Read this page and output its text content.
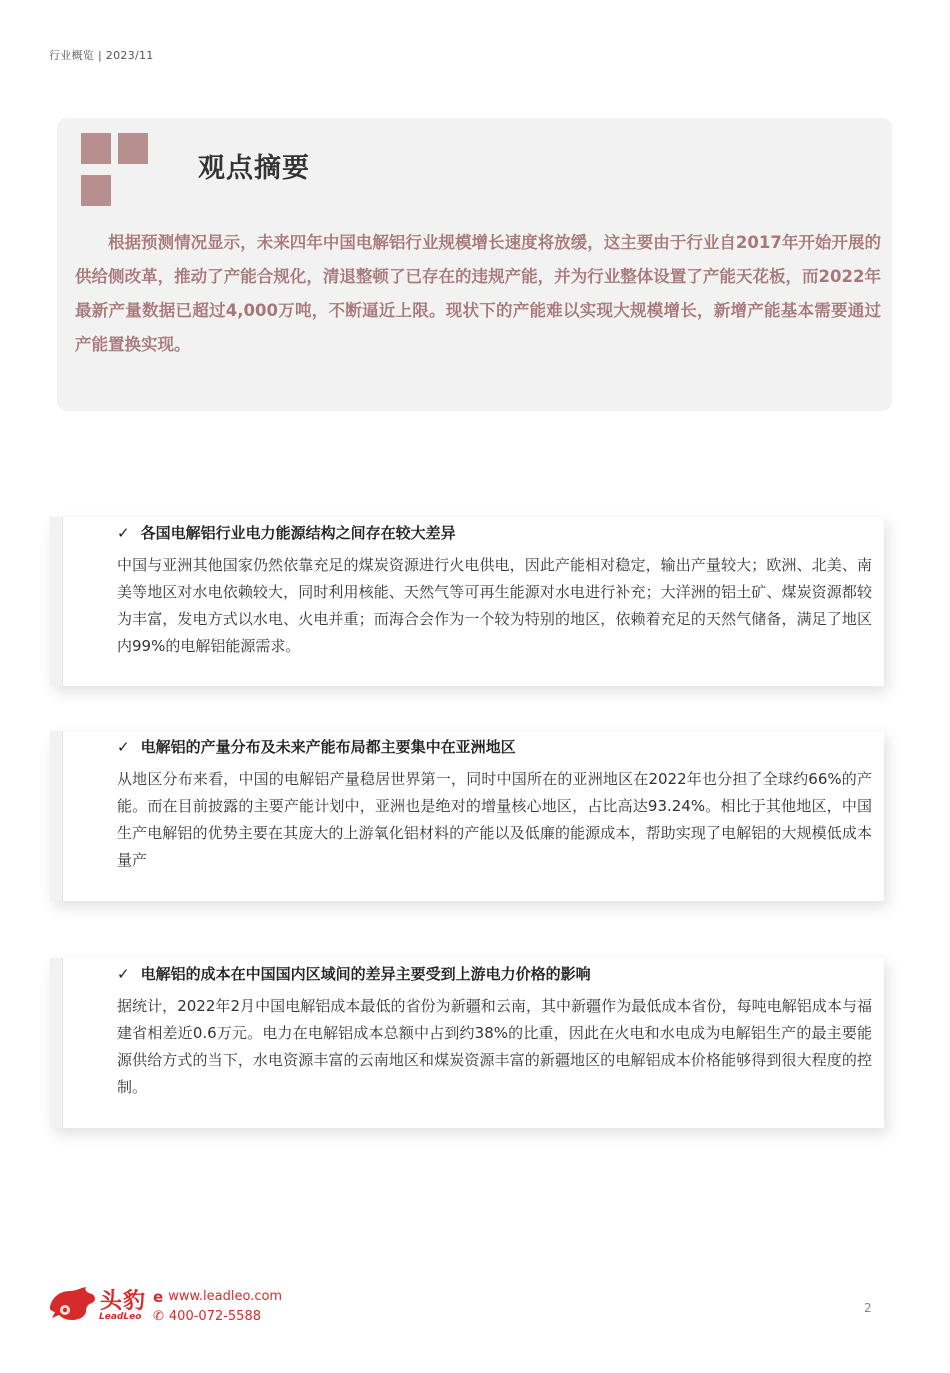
行业概览 | 2023/11
观点摘要
根据预测情况显示，未来四年中国电解铝行业规模增长速度将放缓，这主要由于行业自2017年开始开展的供给侧改革，推动了产能合规化，清退整顿了已存在的违规产能，并为行业整体设置了产能天花板，而2022年最新产量数据已超过4,000万吨，不断逼近上限。现状下的产能难以实现大规模增长，新增产能基本需要通过产能置换实现。
✓ 各国电解铝行业电力能源结构之间存在较大差异
中国与亚洲其他国家仍然依靠充足的煤炭资源进行火电供电，因此产能相对稳定，输出产量较大；欧洲、北美、南美等地区对水电依赖较大，同时利用核能、天然气等可再生能源对水电进行补充；大洋洲的铝土矿、煤炭资源都较为丰富，发电方式以水电、火电并重；而海合会作为一个较为特别的地区，依赖着充足的天然气储备，满足了地区内99%的电解铝能源需求。
✓ 电解铝的产量分布及未来产能布局都主要集中在亚洲地区
从地区分布来看，中国的电解铝产量稳居世界第一，同时中国所在的亚洲地区在2022年也分担了全球约66%的产能。而在目前披露的主要产能计划中，亚洲也是绝对的增量核心地区，占比高达93.24%。相比于其他地区，中国生产电解铝的优势主要在其庞大的上游氧化铝材料的产能以及低廉的能源成本，帮助实现了电解铝的大规模低成本量产
✓ 电解铝的成本在中国国内区域间的差异主要受到上游电力价格的影响
据统计，2022年2月中国电解铝成本最低的省份为新疆和云南，其中新疆作为最低成本省份，每吨电解铝成本与福建省相差近0.6万元。电力在电解铝成本总额中占到约38%的比重，因此在火电和水电成为电解铝生产的最主要能源供给方式的当下，水电资源丰富的云南地区和煤炭资源丰富的新疆地区的电解铝成本价格能够得到很大程度的控制。
头豹
LeadLeo
e www.leadleo.com
✆ 400-072-5588
2
